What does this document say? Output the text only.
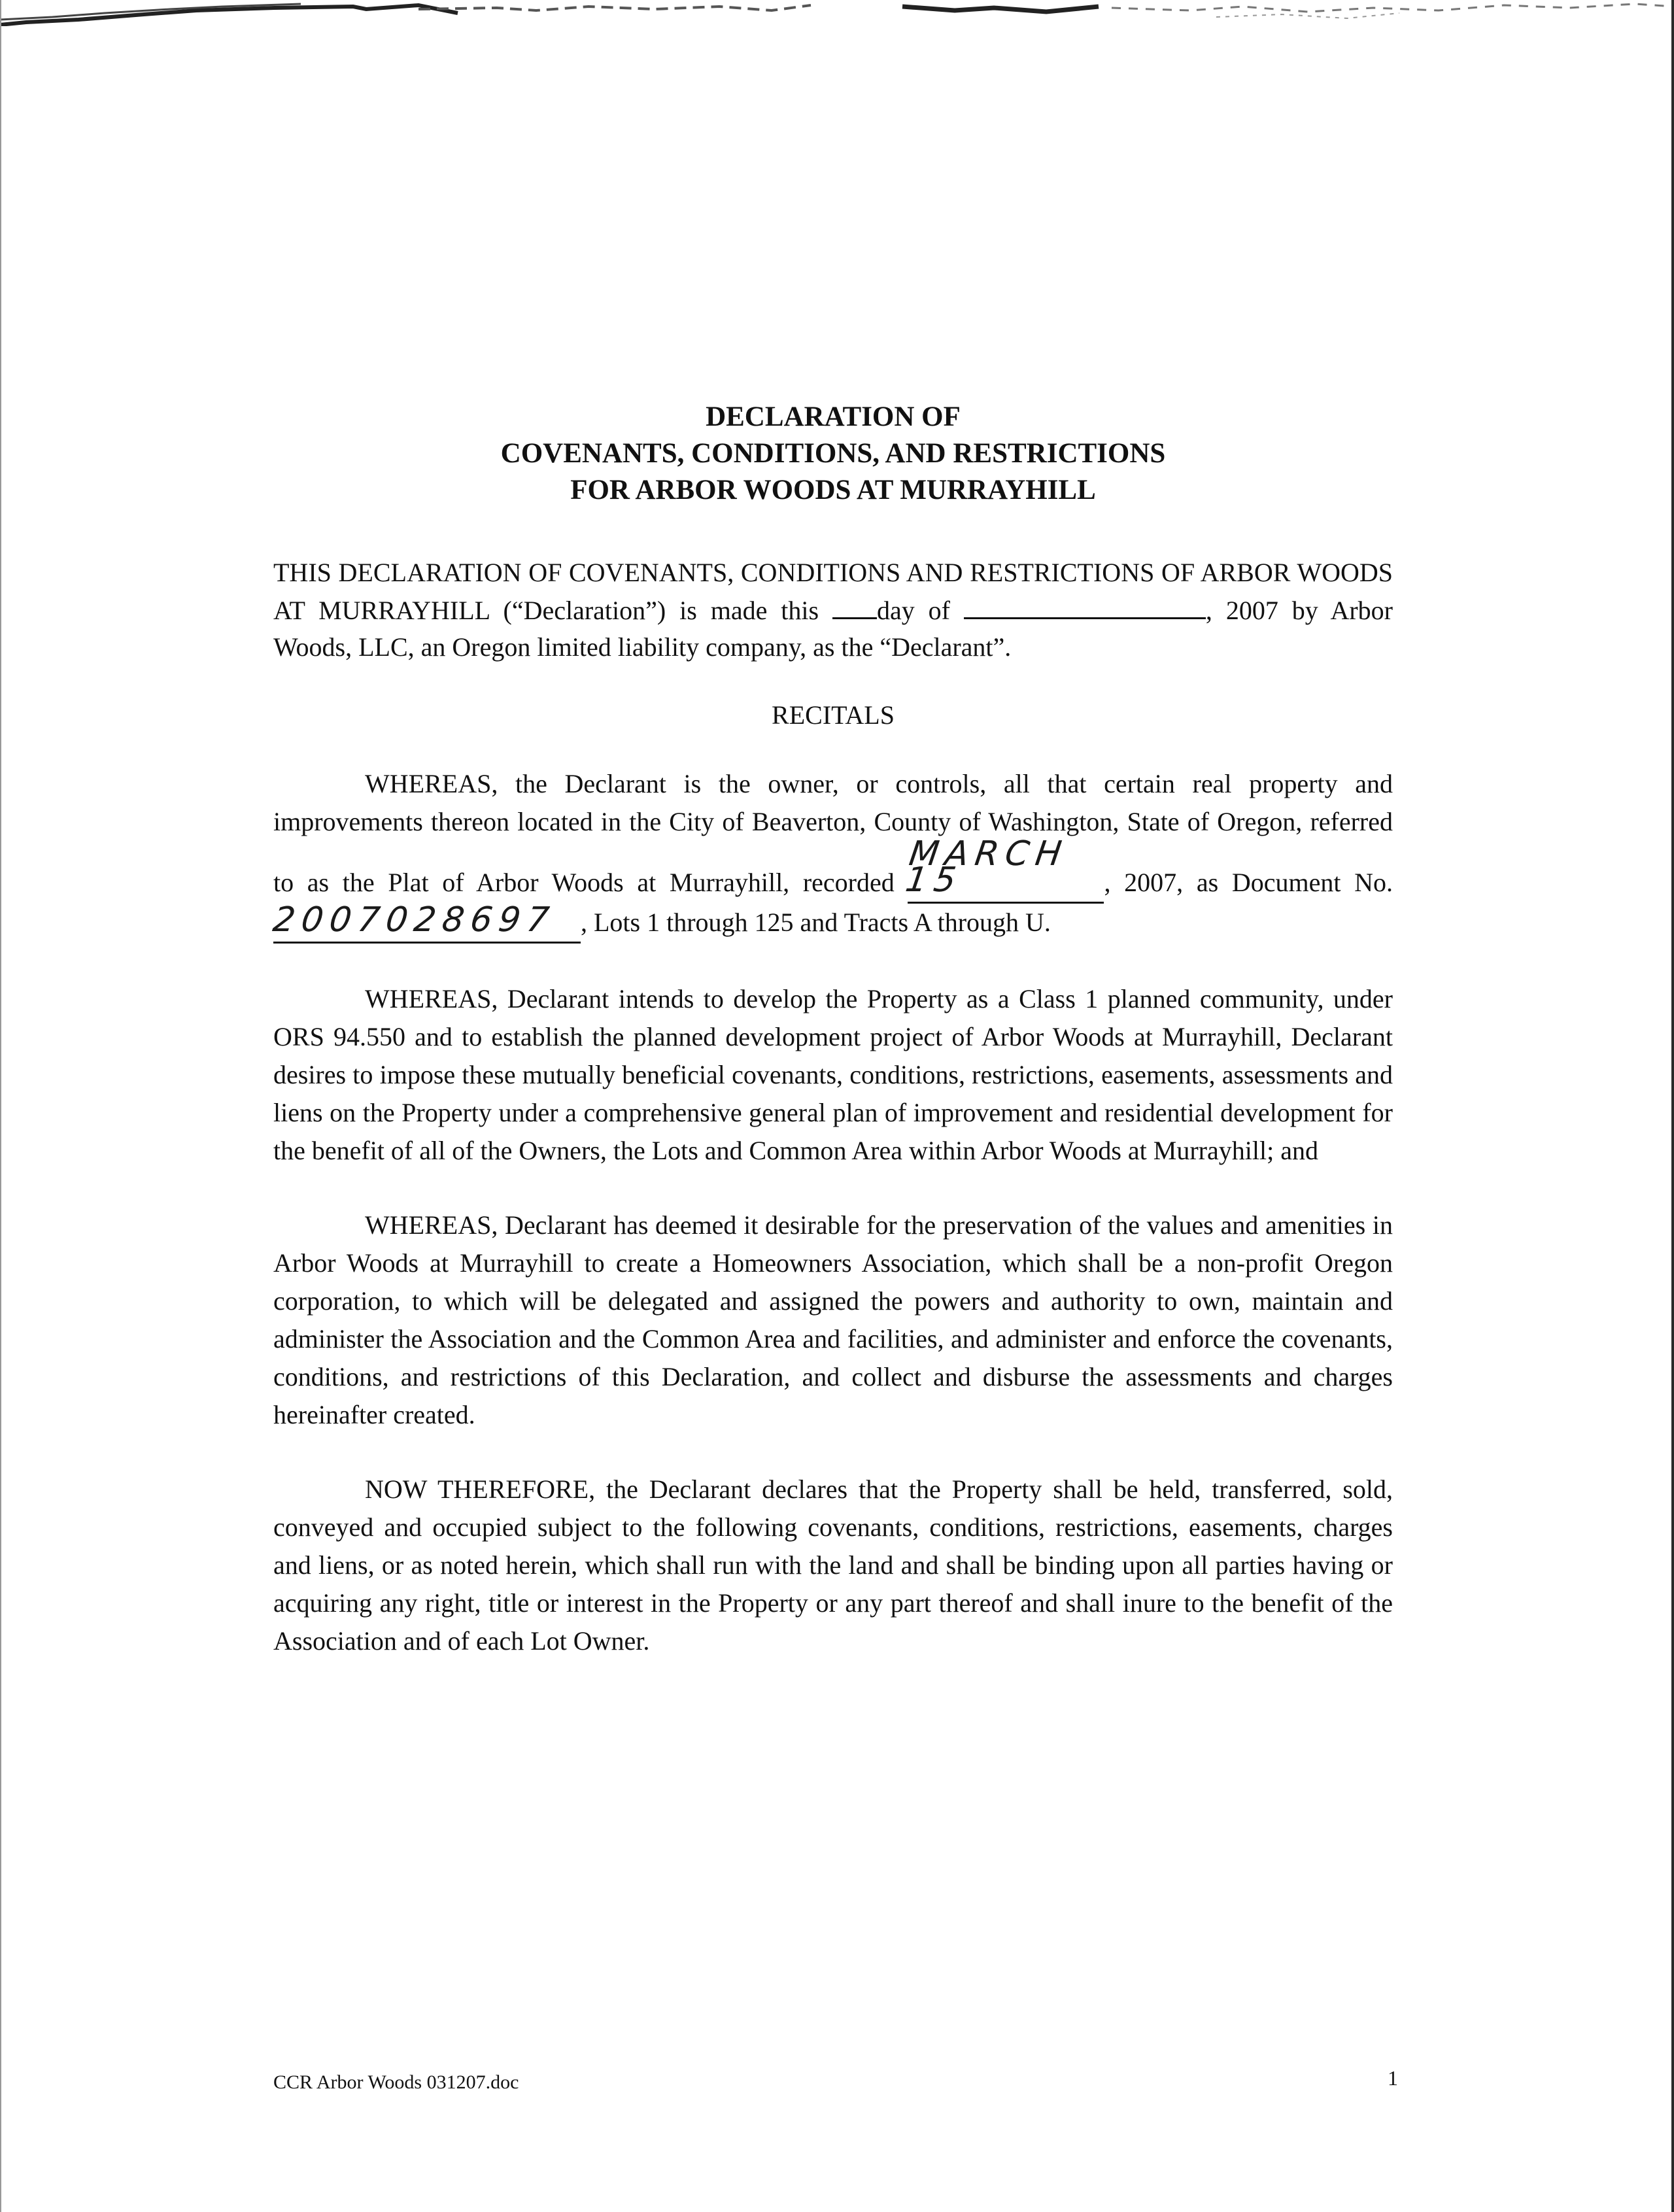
DECLARATION OF
COVENANTS, CONDITIONS, AND RESTRICTIONS
FOR ARBOR WOODS AT MURRAYHILL

THIS DECLARATION OF COVENANTS, CONDITIONS AND RESTRICTIONS OF ARBOR WOODS AT MURRAYHILL (“Declaration”) is made this day of	, 2007 by Arbor Woods, LLC, an Oregon limited liability company, as the “Declarant”.

RECITALS

WHEREAS, the Declarant is the owner, or controls, all that certain real property and improvements thereon located in the City of Beaverton, County of Washington, State of Oregon, referred to as the Plat of Arbor Woods at Murrayhill, recorded MARCH 15	, 2007, as Document No. 2007028697 , Lots 1 through 125 and Tracts A through U.

WHEREAS, Declarant intends to develop the Property as a Class 1 planned community, under ORS 94.550 and to establish the planned development project of Arbor Woods at Murrayhill, Declarant desires to impose these mutually beneficial covenants, conditions, restrictions, easements, assessments and liens on the Property under a comprehensive general plan of improvement and residential development for the benefit of all of the Owners, the Lots and Common Area within Arbor Woods at Murrayhill; and

WHEREAS, Declarant has deemed it desirable for the preservation of the values and amenities in Arbor Woods at Murrayhill to create a Homeowners Association, which shall be a non-profit Oregon corporation, to which will be delegated and assigned the powers and authority to own, maintain and administer the Association and the Common Area and facilities, and administer and enforce the covenants, conditions, and restrictions of this Declaration, and collect and disburse the assessments and charges hereinafter created.

NOW THEREFORE, the Declarant declares that the Property shall be held, transferred, sold, conveyed and occupied subject to the following covenants, conditions, restrictions, easements, charges and liens, or as noted herein, which shall run with the land and shall be binding upon all parties having or acquiring any right, title or interest in the Property or any part thereof and shall inure to the benefit of the Association and of each Lot Owner.

CCR Arbor Woods 031207.doc	1
